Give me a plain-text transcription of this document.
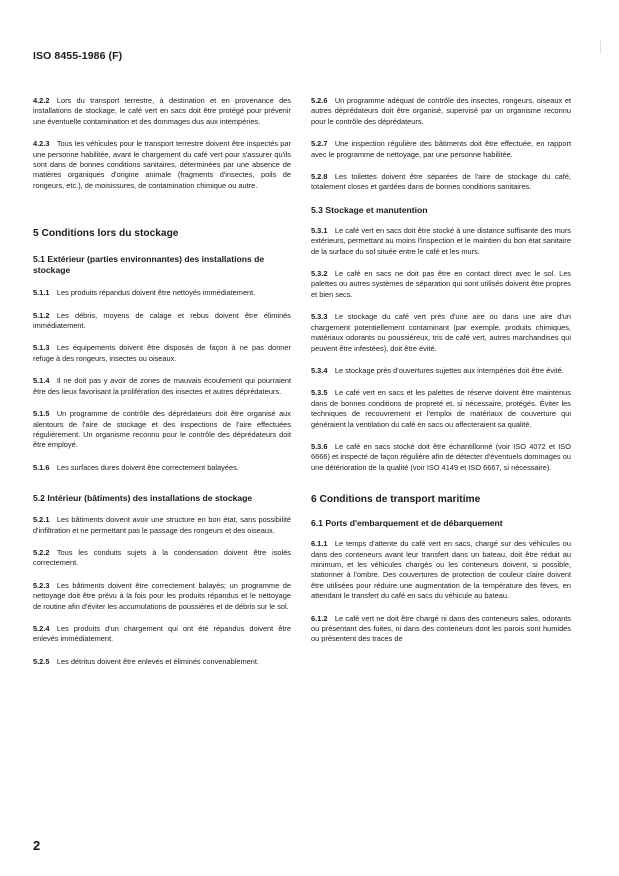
ISO 8455-1986 (F)

4.2.2  Lors du transport terrestre, à destination et en provenance des installations de stockage, le café vert en sacs doit être protégé pour prévenir une éventuelle contamination et des dommages dus aux intempéries.

4.2.3  Tous les véhicules pour le transport terrestre doivent être inspectés par une personne habilitée, avant le chargement du café vert pour s'assurer qu'ils sont dans de bonnes conditions sanitaires, déterminées par une absence de matières organiques d'origine animale (fragments d'insectes, poils de rongeurs, etc.), de moisissures, de contamination chimique ou autre.

5 Conditions lors du stockage
5.1 Extérieur (parties environnantes) des installations de stockage

5.1.1  Les produits répandus doivent être nettoyés immédiatement.

5.1.2  Les débris, moyens de calage et rebus doivent être éliminés immédiatement.

5.1.3  Les équipements doivent être disposés de façon à ne pas donner refuge à des rongeurs, insectes ou oiseaux.

5.1.4  Il ne doit pas y avoir de zones de mauvais écoulement qui pourraient être des lieux favorisant la prolifération des insectes et autres déprédateurs.

5.1.5  Un programme de contrôle des déprédateurs doit être organisé aux alentours de l'aire de stockage et des inspections de l'aire effectuées régulièrement. Un organisme reconnu pour le contrôle des déprédateurs doit être employé.

5.1.6  Les surfaces dures doivent être correctement balayées.

5.2 Intérieur (bâtiments) des installations de stockage

5.2.1  Les bâtiments doivent avoir une structure en bon état, sans possibilité d'infiltration et ne permettant pas le passage des rongeurs et des oiseaux.

5.2.2  Tous les conduits sujets à la condensation doivent être isolés correctement.

5.2.3  Les bâtiments doivent être correctement balayés; un programme de nettoyage doit être prévu à la fois pour les produits répandus et le nettoyage de routine afin d'éviter les accumulations de poussières et de débris sur le sol.

5.2.4  Les produits d'un chargement qui ont été répandus doivent être enlevés immédiatement.

5.2.5  Les détritus doivent être enlevés et éliminés convenablement.

5.2.6  Un programme adéquat de contrôle des insectes, rongeurs, oiseaux et autres déprédateurs doit être organisé, supervisé par un organisme reconnu pour le contrôle des déprédateurs.

5.2.7  Une inspection régulière des bâtiments doit être effectuée, en rapport avec le programme de nettoyage, par une personne habilitée.

5.2.8  Les toilettes doivent être séparées de l'aire de stockage du café, totalement closes et gardées dans de bonnes conditions sanitaires.

5.3 Stockage et manutention

5.3.1  Le café vert en sacs doit être stocké à une distance suffisante des murs extérieurs, permettant au moins l'inspection et le maintien du bon état sanitaire de la surface du sol située entre le café et les murs.

5.3.2  Le café en sacs ne doit pas être en contact direct avec le sol. Les palettes ou autres systèmes de séparation qui sont utilisés doivent être propres et bien secs.

5.3.3  Le stockage du café vert près d'une aire ou dans une aire d'un chargement potentiellement contaminant (par exemple, produits chimiques, matériaux odorants ou poussiéreux, tris de café vert, autres marchandises qui peuvent être infestées), doit être évité.

5.3.4  Le stockage près d'ouvertures sujettes aux intempéries doit être évité.

5.3.5  Le café vert en sacs et les palettes de réserve doivent être maintenus dans de bonnes conditions de propreté et, si nécessaire, protégés. Éviter les techniques de recouvrement et l'emploi de matériaux de couverture qui généraient la ventilation du café en sacs ou affecteraient sa qualité.

5.3.6  Le café en sacs stocké doit être échantillonné (voir ISO 4072 et ISO 6666) et inspecté de façon régulière afin de détecter d'éventuels dommages ou une détérioration de la qualité (voir ISO 4149 et ISO 6667, si nécessaire).

6 Conditions de transport maritime
6.1 Ports d'embarquement et de débarquement

6.1.1  Le temps d'attente du café vert en sacs, chargé sur des véhicules ou dans des conteneurs avant leur transfert dans un bateau, doit être réduit au minimum, et les véhicules chargés ou les conteneurs doivent, si possible, stationner à l'ombre. Des couvertures de protection de couleur claire doivent être utilisées pour réduire une augmentation de la température des fèves, en attendant le transfert du café en sacs du véhicule au bateau.

6.1.2  Le café vert ne doit être chargé ni dans des conteneurs sales, odorants ou présentant des fuites, ni dans des conteneurs dont les parois sont humides ou présentent des traces de

2
